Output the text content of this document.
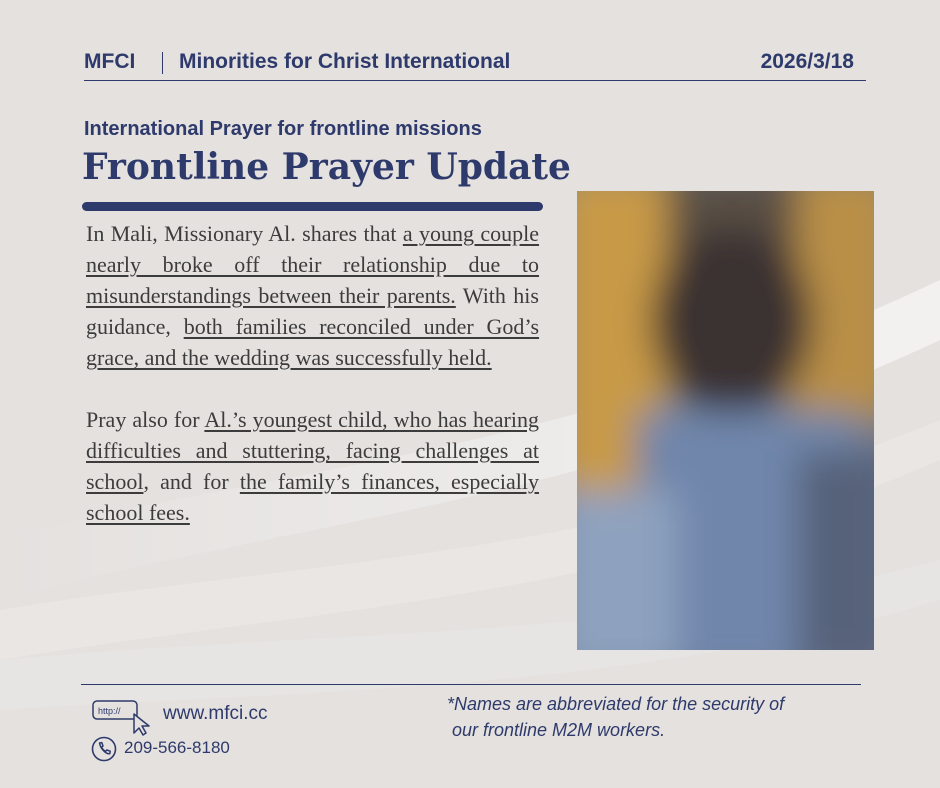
MFCI Minorities for Christ International	2026/3/18
International Prayer for frontline missions
Frontline Prayer Update

In Mali, Missionary Al. shares that a young couple nearly broke off their relationship due to misunderstandings between their parents. With his guidance, both families reconciled under God’s grace, and the wedding was successfully held.

Pray also for Al.’s youngest child, who has hearing difficulties and stuttering, facing challenges at school, and for the family’s finances, especially school fees.

http:// www.mfci.cc
209-566-8180
*Names are abbreviated for the security of
our frontline M2M workers.
